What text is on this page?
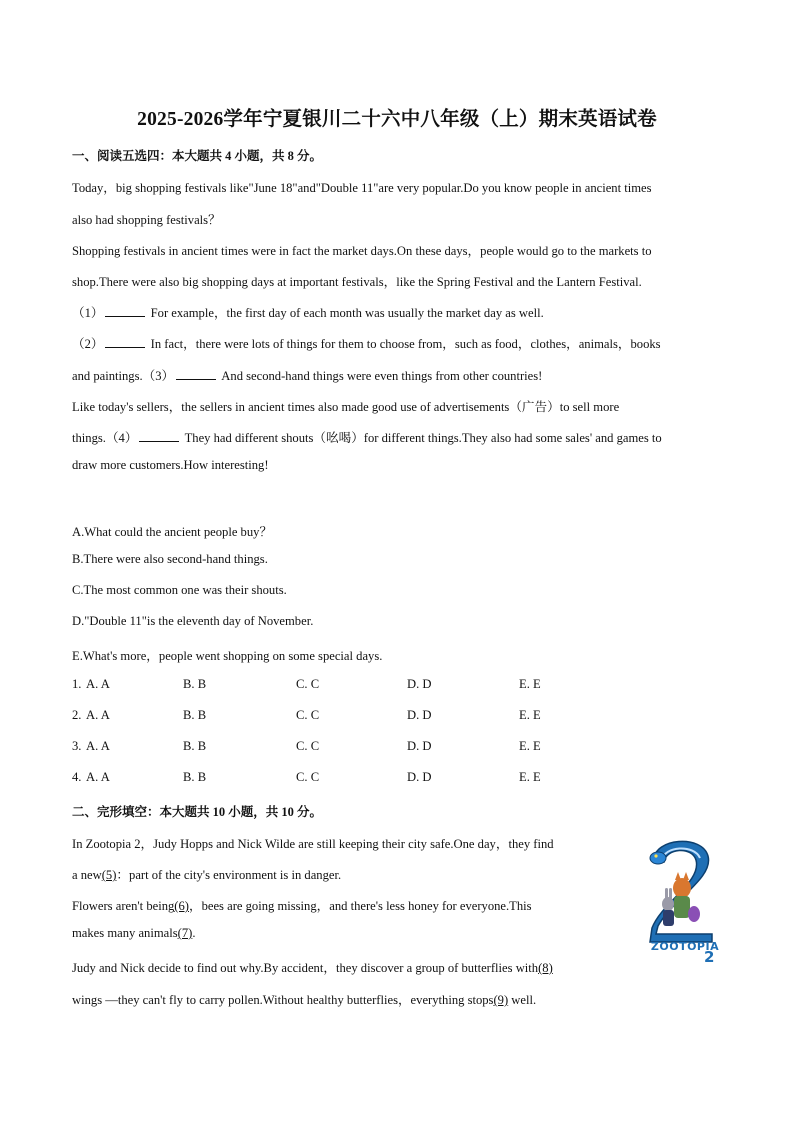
2025-2026学年宁夏银川二十六中八年级（上）期末英语试卷
一、阅读五选四：本大题共 4 小题，共 8 分。
Today，big shopping festivals like"June 18"and"Double 11"are very popular.Do you know people in ancient times
also had shopping festivals？
Shopping festivals in ancient times were in fact the market days.On these days，people would go to the markets to
shop.There were also big shopping days at important festivals，like the Spring Festival and the Lantern Festival.
（1）	For example，the first day of each month was usually the market day as well.
（2）	In fact，there were lots of things for them to choose from，such as food，clothes，animals，books
and paintings.（3）	And second-hand things were even things from other countries!
Like today's sellers，the sellers in ancient times also made good use of advertisements（广告）to sell more
things.（4）	They had different shouts（吆喝）for different things.They also had some sales' and games to
draw more customers.How interesting!
A.What could the ancient people buy？
B.There were also second-hand things.
C.The most common one was their shouts.
D."Double 11"is the eleventh day of November.
E.What's more，people went shopping on some special days.
1. A. A	B. B	C. C	D. D	E. E
2. A. A	B. B	C. C	D. D	E. E
3. A. A	B. B	C. C	D. D	E. E
4. A. A	B. B	C. C	D. D	E. E
二、完形填空：本大题共 10 小题，共 10 分。
In Zootopia 2，Judy Hopps and Nick Wilde are still keeping their city safe.One day，they find
a new(5)：part of the city's environment is in danger.
Flowers aren't being(6)，bees are going missing，and there's less honey for everyone.This
makes many animals(7).
Judy and Nick decide to find out why.By accident，they discover a group of butterflies with(8)
wings —they can't fly to carry pollen.Without healthy butterflies，everything stops(9) well.
ZOOTOPIA
2
